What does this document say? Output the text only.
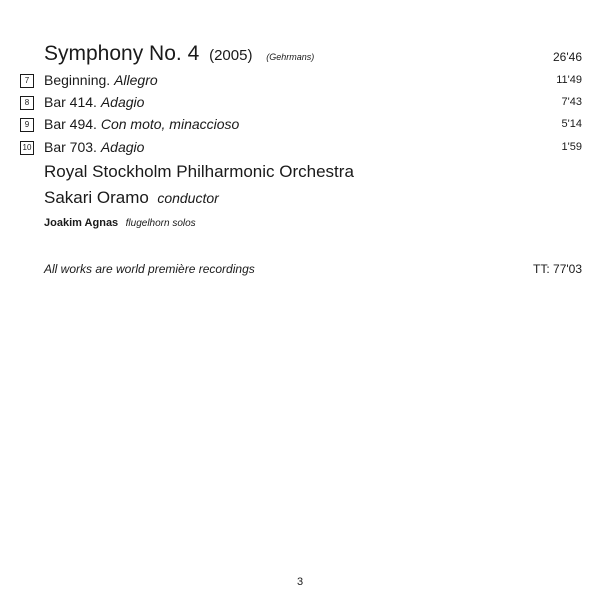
Symphony No. 4 (2005) (Gehrmans)	26'46
7	Beginning. Allegro	11'49
8	Bar 414. Adagio	7'43
9	Bar 494. Con moto, minaccioso	5'14
10 Bar 703. Adagio	1'59
Royal Stockholm Philharmonic Orchestra
Sakari Oramo conductor
Joakim Agnas flugelhorn solos
All works are world première recordings	TT: 77'03
3
